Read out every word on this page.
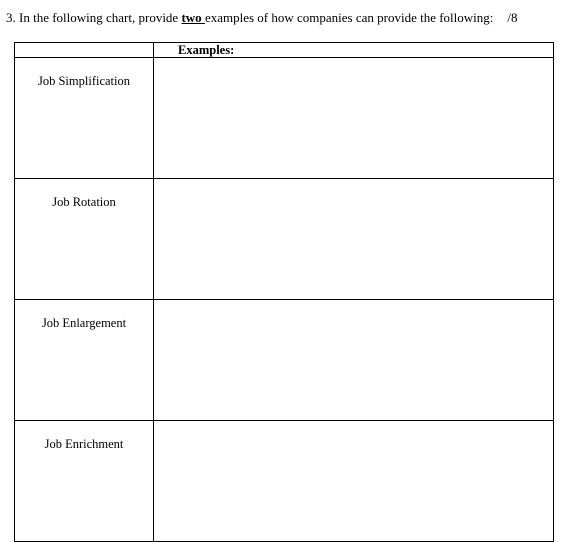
3. In the following chart, provide two examples of how companies can provide the following: /8
	Examples:
Job Simplification	
Job Rotation	
Job Enlargement	
Job Enrichment	
